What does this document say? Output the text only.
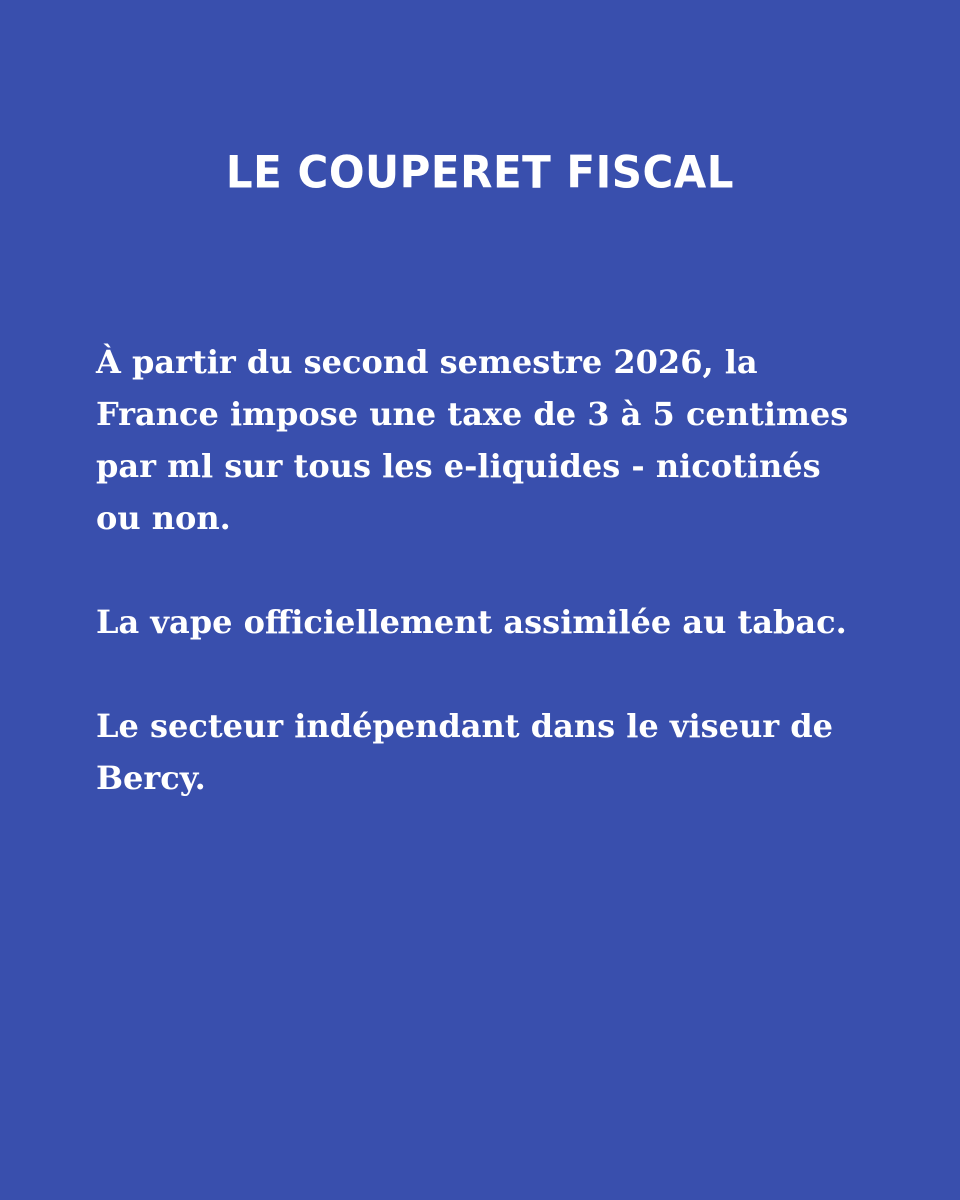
LE COUPERET FISCAL

À partir du second semestre 2026, la France impose une taxe de 3 à 5 centimes par ml sur tous les e-liquides - nicotinés ou non.

La vape officiellement assimilée au tabac.

Le secteur indépendant dans le viseur de Bercy.
